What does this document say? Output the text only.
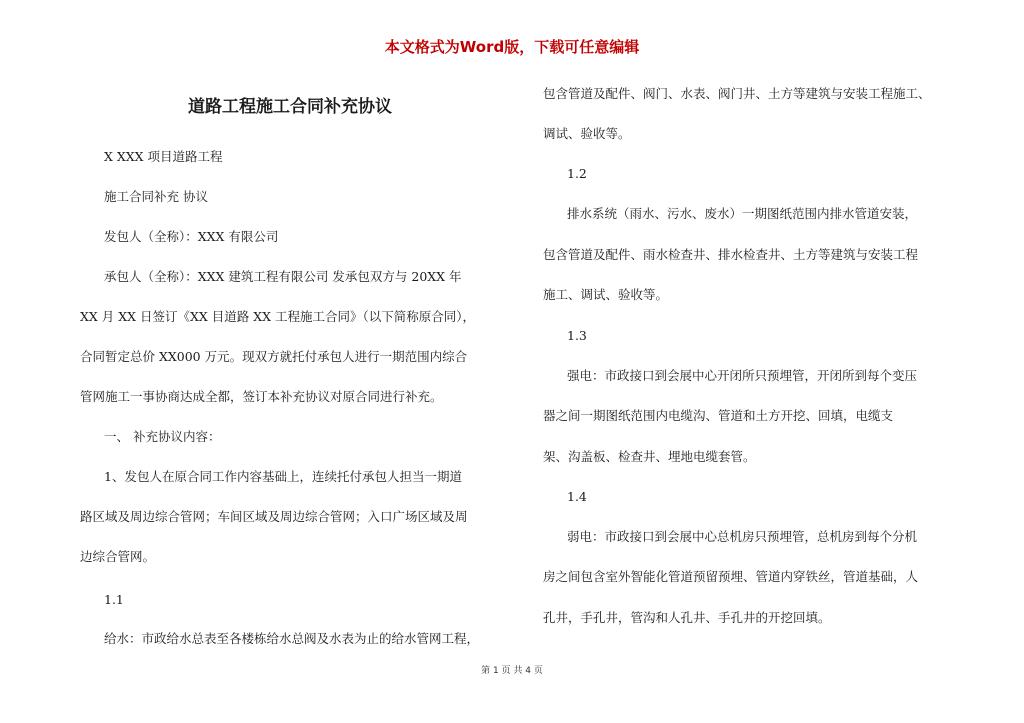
本文格式为Word版，下载可任意编辑
道路工程施工合同补充协议
X XXX 项目道路工程
施工合同补充 协议
发包人（全称）：XXX 有限公司
承包人（全称）：XXX 建筑工程有限公司 发承包双方与 20XX 年
XX 月 XX 日签订《XX 目道路 XX 工程施工合同》（以下简称原合同），
合同暂定总价 XX000 万元。现双方就托付承包人进行一期范围内综合
管网施工一事协商达成全都，签订本补充协议对原合同进行补充。
一、 补充协议内容：
1、发包人在原合同工作内容基础上，连续托付承包人担当一期道
路区域及周边综合管网；车间区域及周边综合管网；入口广场区域及周
边综合管网。
1.1
给水：市政给水总表至各楼栋给水总阀及水表为止的给水管网工程，
包含管道及配件、阀门、水表、阀门井、土方等建筑与安装工程施工、
调试、验收等。
1.2
排水系统（雨水、污水、废水）一期图纸范围内排水管道安装，
包含管道及配件、雨水检查井、排水检查井、土方等建筑与安装工程
施工、调试、验收等。
1.3
强电：市政接口到会展中心开闭所只预埋管，开闭所到每个变压
器之间一期图纸范围内电缆沟、管道和土方开挖、回填，电缆支
架、沟盖板、检查井、埋地电缆套管。
1.4
弱电：市政接口到会展中心总机房只预埋管，总机房到每个分机
房之间包含室外智能化管道预留预埋、管道内穿铁丝，管道基础，人
孔井，手孔井，管沟和人孔井、手孔井的开挖回填。
第 1 页 共 4 页
